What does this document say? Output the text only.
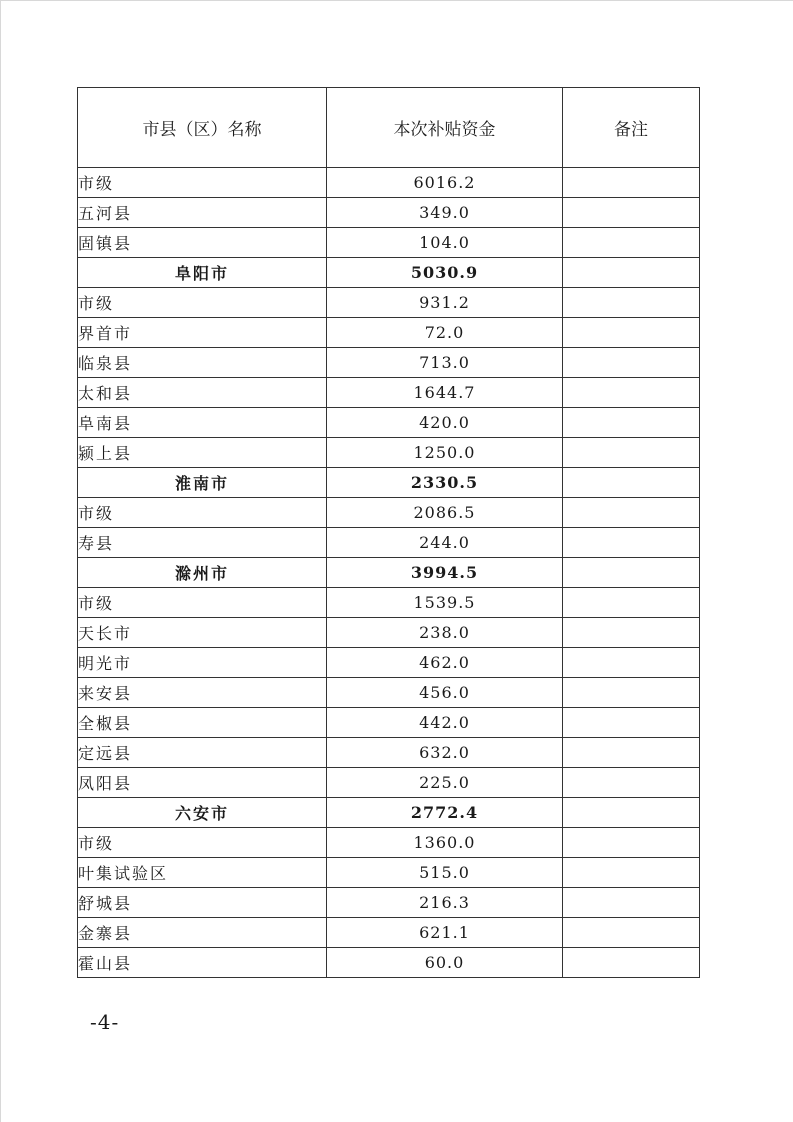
市县（区）名称	本次补贴资金	备注
市级	6016.2	
五河县	349.0	
固镇县	104.0	
阜阳市	5030.9	
市级	931.2	
界首市	72.0	
临泉县	713.0	
太和县	1644.7	
阜南县	420.0	
颍上县	1250.0	
淮南市	2330.5	
市级	2086.5	
寿县	244.0	
滁州市	3994.5	
市级	1539.5	
天长市	238.0	
明光市	462.0	
来安县	456.0	
全椒县	442.0	
定远县	632.0	
凤阳县	225.0	
六安市	2772.4	
市级	1360.0	
叶集试验区	515.0	
舒城县	216.3	
金寨县	621.1	
霍山县	60.0	
-4-
